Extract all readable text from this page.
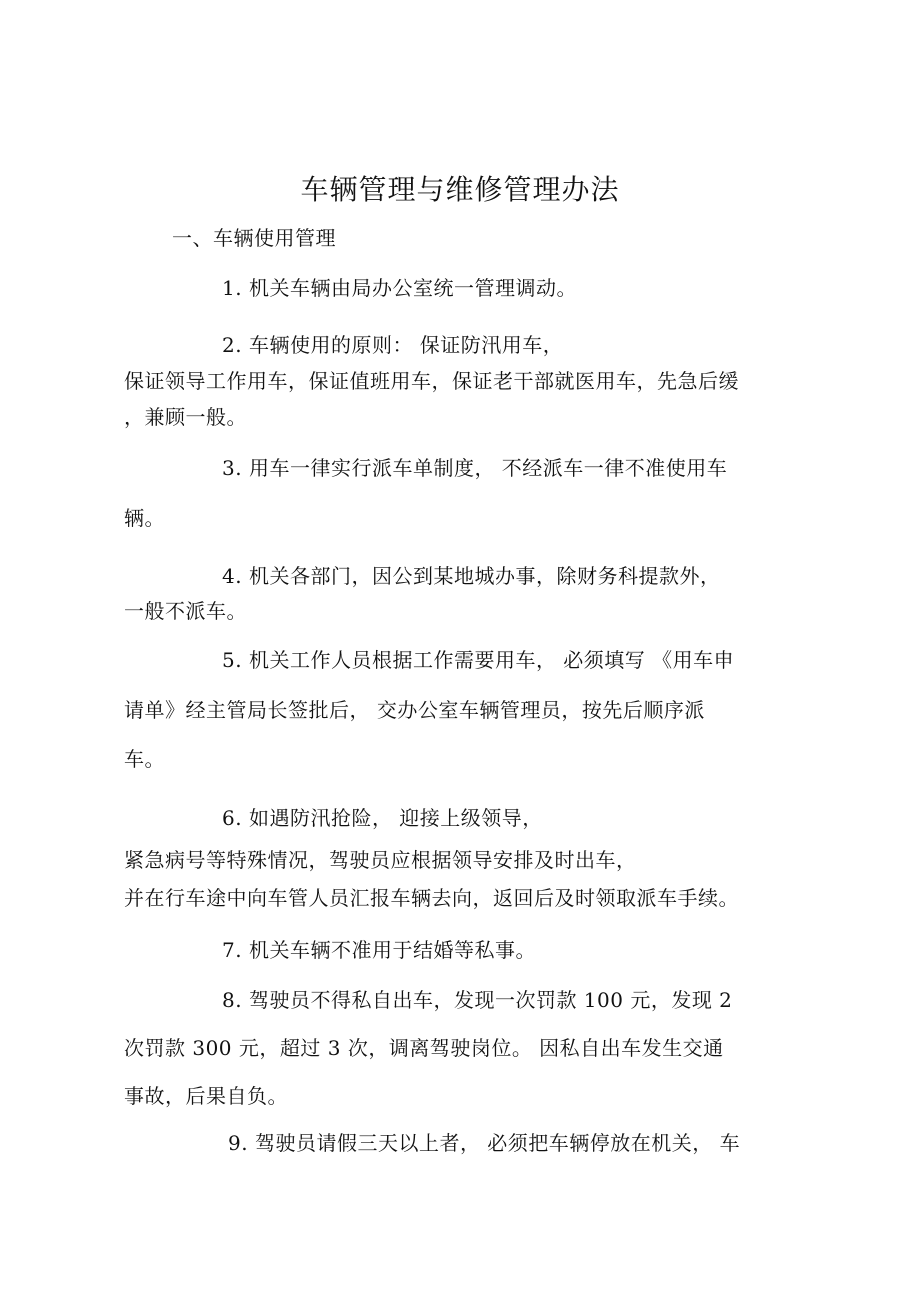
车辆管理与维修管理办法
一、车辆使用管理
1. 机关车辆由局办公室统一管理调动。
2. 车辆使用的原则： 保证防汛用车，
保证领导工作用车，保证值班用车，保证老干部就医用车，先急后缓
，兼顾一般。
3. 用车一律实行派车单制度， 不经派车一律不准使用车
辆。
4. 机关各部门，因公到某地城办事，除财务科提款外，
一般不派车。
5. 机关工作人员根据工作需要用车， 必须填写 《用车申
请单》经主管局长签批后， 交办公室车辆管理员，按先后顺序派
车。
6. 如遇防汛抢险， 迎接上级领导，
紧急病号等特殊情况，驾驶员应根据领导安排及时出车，
并在行车途中向车管人员汇报车辆去向，返回后及时领取派车手续。
7. 机关车辆不准用于结婚等私事。
8. 驾驶员不得私自出车，发现一次罚款 100 元，发现 2
次罚款 300 元，超过 3 次，调离驾驶岗位。 因私自出车发生交通
事故，后果自负。
9. 驾驶员请假三天以上者， 必须把车辆停放在机关， 车
